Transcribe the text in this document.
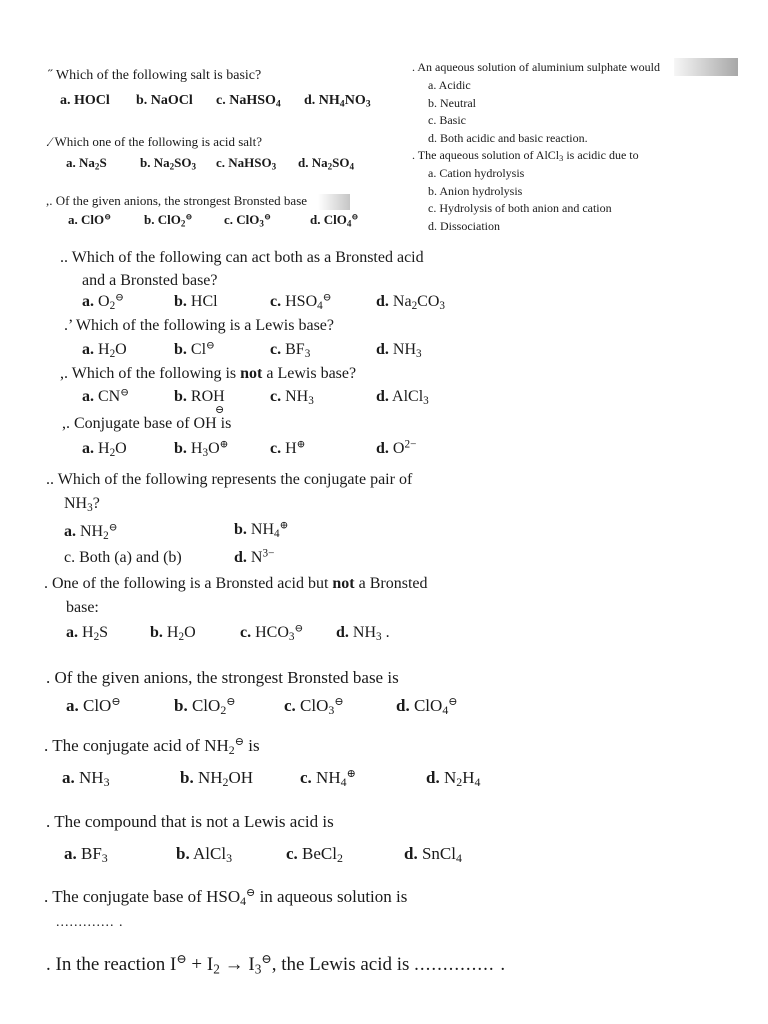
˝ Which of the following salt is basic?
a. HOCl b. NaOCl c. NaHSO$_4$ d. $NH_4NO_3$
.⁄ Which one of the following is acid salt?
a. $Na_2S$	b. $Na_2SO_3$ c. NaHSO$_3$ d. $Na_2SO_4$
,. Of the given anions, the strongest Bronsted base
a. ClO⊖	b. ClO$_2$⊖ c. ClO$_3$⊖	d. ClO$_4$⊖
. An aqueous solution of aluminium sulphate would
a. Acidic
b. Neutral
c. Basic
d. Both acidic and basic reaction.
. The aqueous solution of AlCl$_3$ is acidic due to
a. Cation hydrolysis
b. Anion hydrolysis
c. Hydrolysis of both anion and cation
d. Dissociation
.. Which of the following can act both as a Bronsted acid
and a Bronsted base?
a. $O_2^⊖$	b. HCl	c. $HSO_4^⊖$	d. $Na_2CO_3$
.’ Which of the following is a Lewis base?
a. $H_2O$	b. Cl⊖	c. $BF_3$	d. $NH_3$
,. Which of the following is not a Lewis base?
a. CN⊖	b. ROH	c. $NH_3$	d. AlCl$_3$
,. Conjugate base of OH is
⊖
a. $H_2O$	b. $H_3O^\oplus$	c. H⊕	d. $O^{2-}$
.. Which of the following represents the conjugate pair of
$NH_3$?
a. $NH_2^⊖$	b. $NH_4^\oplus$
c. Both (a) and (b)	d. $N^{3-}$
. One of the following is a Bronsted acid but not a Bronsted
base:
a. $H_2S$	b. $H_2O$	c. $HCO_3^⊖$ d. $NH_3$ .
. Of the given anions, the strongest Bronsted base is
a. ClO⊖	b. ClO$_2$⊖	c. ClO$_3$⊖	d. ClO$_4$⊖
. The conjugate acid of $NH_2^⊖$ is
a. $NH_3$	b. $NH_2OH$	c. $NH_4^\oplus$	d. $N_2H_4$
. The compound that is not a Lewis acid is
a. $BF_3$	b. AlCl$_3$	c. BeCl$_2$	d. SnCl$_4$
. The conjugate base of $HSO_4^⊖$ in aqueous solution is
............. .
. In the reaction $I^⊖ + I_2 \to I_3^⊖$, the Lewis acid is .............. .
